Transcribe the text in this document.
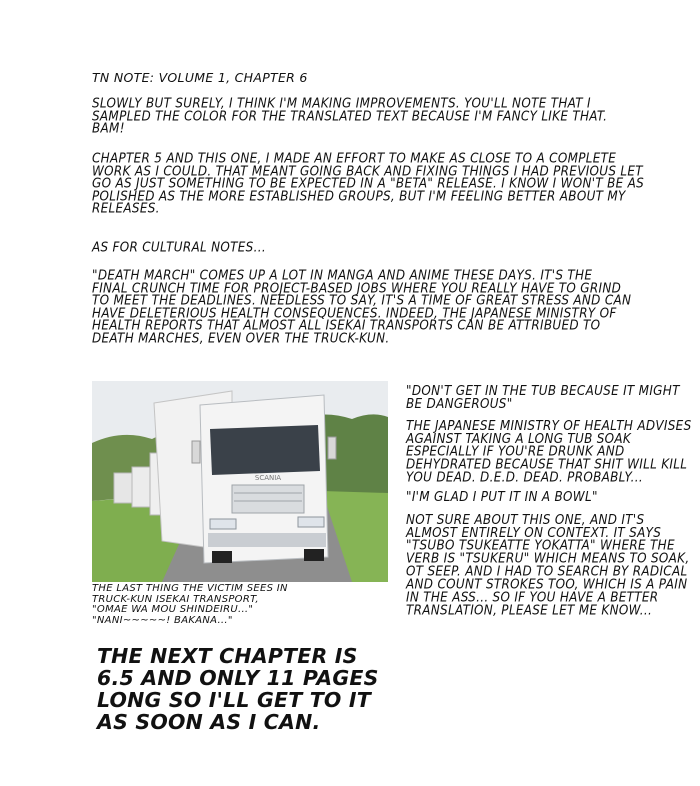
TN NOTE: VOLUME 1, CHAPTER 6

SLOWLY BUT SURELY, I THINK I'M MAKING IMPROVEMENTS. YOU'LL NOTE THAT I SAMPLED THE COLOR FOR THE TRANSLATED TEXT BECAUSE I'M FANCY LIKE THAT. BAM!

CHAPTER 5 AND THIS ONE, I MADE AN EFFORT TO MAKE AS CLOSE TO A COMPLETE WORK AS I COULD. THAT MEANT GOING BACK AND FIXING THINGS I HAD PREVIOUS LET GO AS JUST SOMETHING TO BE EXPECTED IN A "BETA" RELEASE. I KNOW I WON'T BE AS POLISHED AS THE MORE ESTABLISHED GROUPS, BUT I'M FEELING BETTER ABOUT MY RELEASES.

AS FOR CULTURAL NOTES...

"DEATH MARCH" COMES UP A LOT IN MANGA AND ANIME THESE DAYS. IT'S THE FINAL CRUNCH TIME FOR PROJECT-BASED JOBS WHERE YOU REALLY HAVE TO GRIND TO MEET THE DEADLINES. NEEDLESS TO SAY, IT'S A TIME OF GREAT STRESS AND CAN HAVE DELETERIOUS HEALTH CONSEQUENCES. INDEED, THE JAPANESE MINISTRY OF HEALTH REPORTS THAT ALMOST ALL ISEKAI TRANSPORTS CAN BE ATTRIBUED TO DEATH MARCHES, EVEN OVER THE TRUCK-KUN.

SCANIA
THE LAST THING THE VICTIM SEES IN
TRUCK-KUN ISEKAI TRANSPORT,
"OMAE WA MOU SHINDEIRU..."
"NANI~~~~~! BAKANA..."
THE NEXT CHAPTER IS 6.5 AND ONLY 11 PAGES LONG SO I'LL GET TO IT AS SOON AS I CAN.

"DON'T GET IN THE TUB BECAUSE IT MIGHT BE DANGEROUS"

THE JAPANESE MINISTRY OF HEALTH ADVISES AGAINST TAKING A LONG TUB SOAK ESPECIALLY IF YOU'RE DRUNK AND DEHYDRATED BECAUSE THAT SHIT WILL KILL YOU DEAD. D.E.D. DEAD. PROBABLY...

"I'M GLAD I PUT IT IN A BOWL"

NOT SURE ABOUT THIS ONE, AND IT'S ALMOST ENTIRELY ON CONTEXT. IT SAYS "TSUBO TSUKEATTE YOKATTA" WHERE THE VERB IS "TSUKERU" WHICH MEANS TO SOAK, OT SEEP. AND I HAD TO SEARCH BY RADICAL AND COUNT STROKES TOO, WHICH IS A PAIN IN THE ASS... SO IF YOU HAVE A BETTER TRANSLATION, PLEASE LET ME KNOW...
